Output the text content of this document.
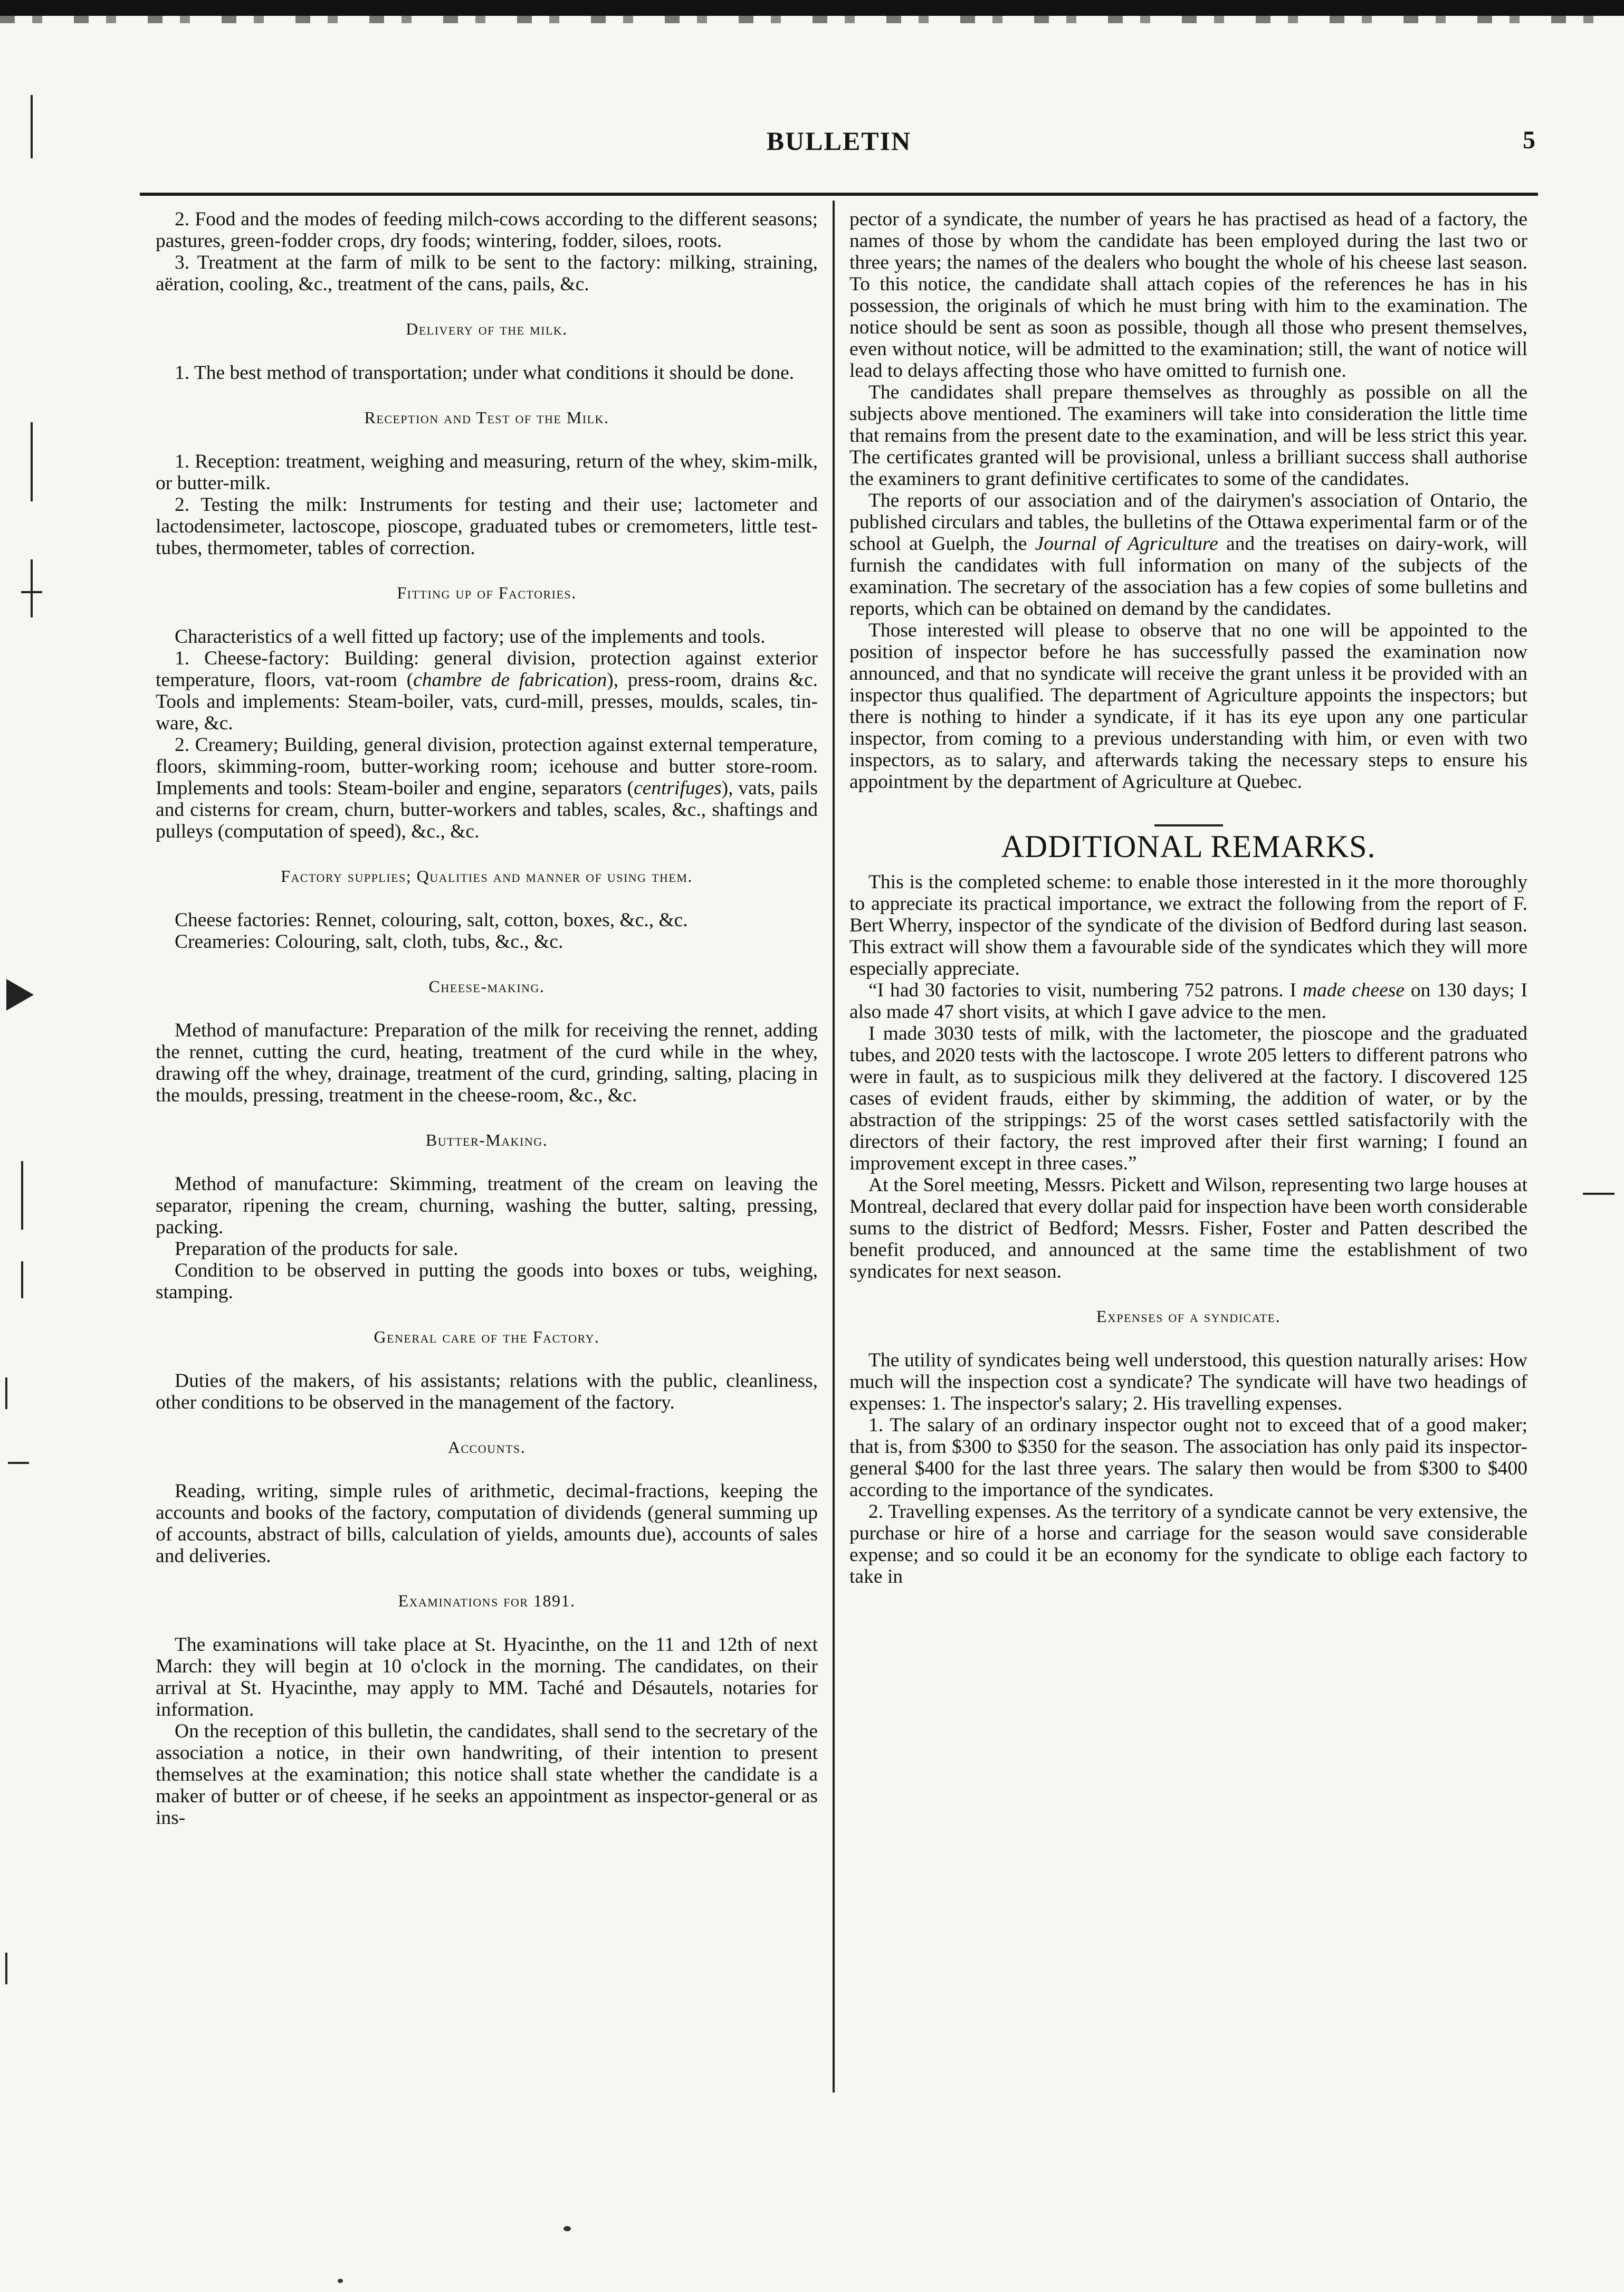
BULLETIN	5

2. Food and the modes of feeding milch-cows according to the different seasons; pastures, green-fodder crops, dry foods; wintering, fodder, siloes, roots.

3. Treatment at the farm of milk to be sent to the factory: milking, straining, aëration, cooling, &c., treatment of the cans, pails, &c.

Delivery of the milk.

1. The best method of transportation; under what conditions it should be done.

Reception and Test of the Milk.

1. Reception: treatment, weighing and measuring, return of the whey, skim-milk, or butter-milk.

2. Testing the milk: Instruments for testing and their use; lactometer and lactodensimeter, lactoscope, pioscope, graduated tubes or cremometers, little test-tubes, thermometer, tables of correction.

Fitting up of Factories.

Characteristics of a well fitted up factory; use of the implements and tools.

1. Cheese-factory: Building: general division, protection against exterior temperature, floors, vat-room (chambre de fabrication), press-room, drains &c. Tools and implements: Steam-boiler, vats, curd-mill, presses, moulds, scales, tin-ware, &c.

2. Creamery; Building, general division, protection against external temperature, floors, skimming-room, butter-working room; icehouse and butter store-room. Implements and tools: Steam-boiler and engine, separators (centrifuges), vats, pails and cisterns for cream, churn, butter-workers and tables, scales, &c., shaftings and pulleys (computation of speed), &c., &c.

Factory supplies; Qualities and manner of using them.

Cheese factories: Rennet, colouring, salt, cotton, boxes, &c., &c.

Creameries: Colouring, salt, cloth, tubs, &c., &c.

Cheese-making.

Method of manufacture: Preparation of the milk for receiving the rennet, adding the rennet, cutting the curd, heating, treatment of the curd while in the whey, drawing off the whey, drainage, treatment of the curd, grinding, salting, placing in the moulds, pressing, treatment in the cheese-room, &c., &c.

Butter-Making.

Method of manufacture: Skimming, treatment of the cream on leaving the separator, ripening the cream, churning, washing the butter, salting, pressing, packing.

Preparation of the products for sale.

Condition to be observed in putting the goods into boxes or tubs, weighing, stamping.

General care of the Factory.

Duties of the makers, of his assistants; relations with the public, cleanliness, other conditions to be observed in the management of the factory.

Accounts.

Reading, writing, simple rules of arithmetic, decimal-fractions, keeping the accounts and books of the factory, computation of dividends (general summing up of accounts, abstract of bills, calculation of yields, amounts due), accounts of sales and deliveries.

Examinations for 1891.

The examinations will take place at St. Hyacinthe, on the 11 and 12th of next March: they will begin at 10 o'clock in the morning. The candidates, on their arrival at St. Hyacinthe, may apply to MM. Taché and Désautels, notaries for information.

On the reception of this bulletin, the candidates, shall send to the secretary of the association a notice, in their own handwriting, of their intention to present themselves at the examination; this notice shall state whether the candidate is a maker of butter or of cheese, if he seeks an appointment as inspector-general or as ins-

pector of a syndicate, the number of years he has practised as head of a factory, the names of those by whom the candidate has been employed during the last two or three years; the names of the dealers who bought the whole of his cheese last season. To this notice, the candidate shall attach copies of the references he has in his possession, the originals of which he must bring with him to the examination. The notice should be sent as soon as possible, though all those who present themselves, even without notice, will be admitted to the examination; still, the want of notice will lead to delays affecting those who have omitted to furnish one.

The candidates shall prepare themselves as throughly as possible on all the subjects above mentioned. The examiners will take into consideration the little time that remains from the present date to the examination, and will be less strict this year. The certificates granted will be provisional, unless a brilliant success shall authorise the examiners to grant definitive certificates to some of the candidates.

The reports of our association and of the dairymen's association of Ontario, the published circulars and tables, the bulletins of the Ottawa experimental farm or of the school at Guelph, the Journal of Agriculture and the treatises on dairy-work, will furnish the candidates with full information on many of the subjects of the examination. The secretary of the association has a few copies of some bulletins and reports, which can be obtained on demand by the candidates.

Those interested will please to observe that no one will be appointed to the position of inspector before he has successfully passed the examination now announced, and that no syndicate will receive the grant unless it be provided with an inspector thus qualified. The department of Agriculture appoints the inspectors; but there is nothing to hinder a syndicate, if it has its eye upon any one particular inspector, from coming to a previous understanding with him, or even with two inspectors, as to salary, and afterwards taking the necessary steps to ensure his appointment by the department of Agriculture at Quebec.

ADDITIONAL REMARKS.

This is the completed scheme: to enable those interested in it the more thoroughly to appreciate its practical importance, we extract the following from the report of F. Bert Wherry, inspector of the syndicate of the division of Bedford during last season. This extract will show them a favourable side of the syndicates which they will more especially appreciate.

“I had 30 factories to visit, numbering 752 patrons. I made cheese on 130 days; I also made 47 short visits, at which I gave advice to the men.

I made 3030 tests of milk, with the lactometer, the pioscope and the graduated tubes, and 2020 tests with the lactoscope. I wrote 205 letters to different patrons who were in fault, as to suspicious milk they delivered at the factory. I discovered 125 cases of evident frauds, either by skimming, the addition of water, or by the abstraction of the strippings: 25 of the worst cases settled satisfactorily with the directors of their factory, the rest improved after their first warning; I found an improvement except in three cases.”

At the Sorel meeting, Messrs. Pickett and Wilson, representing two large houses at Montreal, declared that every dollar paid for inspection have been worth considerable sums to the district of Bedford; Messrs. Fisher, Foster and Patten described the benefit produced, and announced at the same time the establishment of two syndicates for next season.

Expenses of a syndicate.

The utility of syndicates being well understood, this question naturally arises: How much will the inspection cost a syndicate? The syndicate will have two headings of expenses: 1. The inspector's salary; 2. His travelling expenses.

1. The salary of an ordinary inspector ought not to exceed that of a good maker; that is, from $300 to $350 for the season. The association has only paid its inspector-general $400 for the last three years. The salary then would be from $300 to $400 according to the importance of the syndicates.

2. Travelling expenses. As the territory of a syndicate cannot be very extensive, the purchase or hire of a horse and carriage for the season would save considerable expense; and so could it be an economy for the syndicate to oblige each factory to take in
